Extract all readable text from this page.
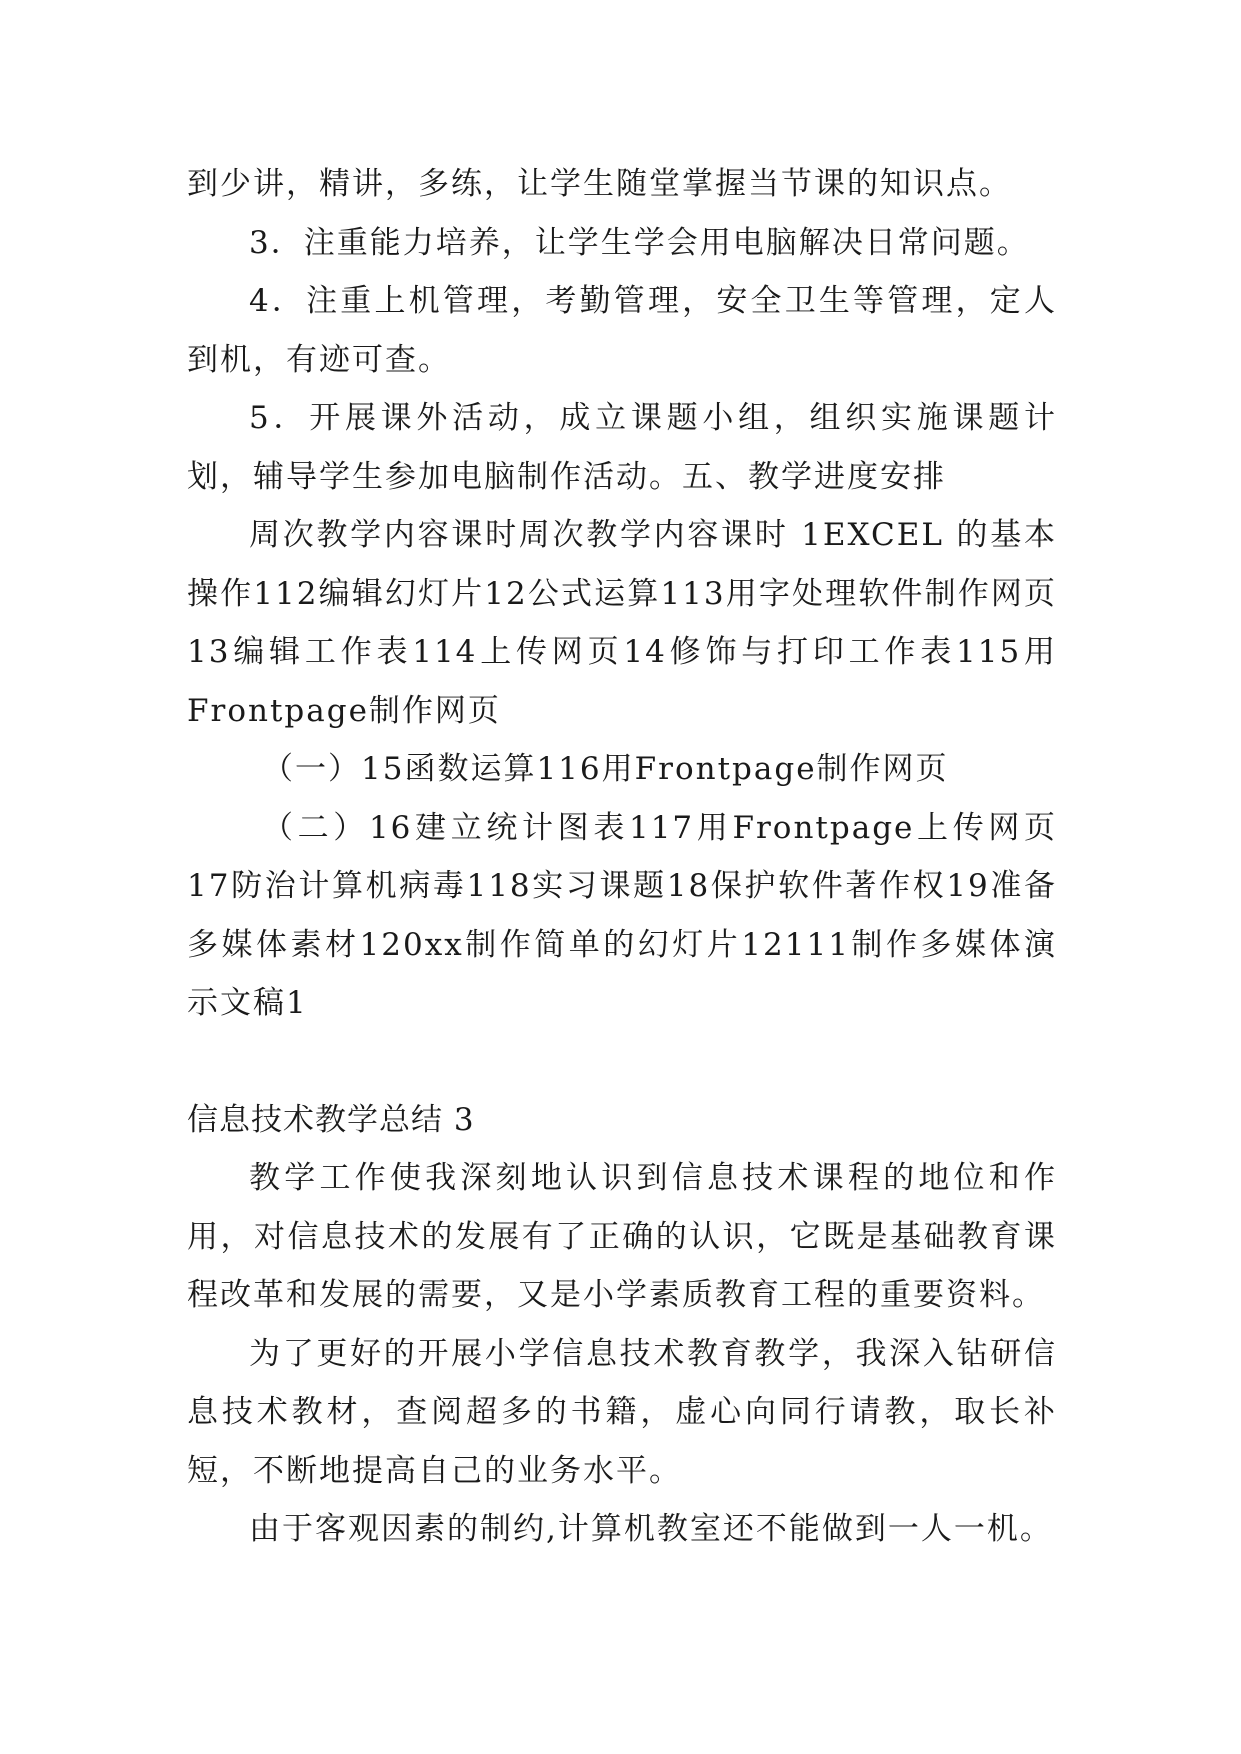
到少讲，精讲，多练，让学生随堂掌握当节课的知识点。

3．注重能力培养，让学生学会用电脑解决日常问题。

4．注重上机管理，考勤管理，安全卫生等管理，定人到机，有迹可查。

5．开展课外活动，成立课题小组，组织实施课题计划，辅导学生参加电脑制作活动。五、教学进度安排

周次教学内容课时周次教学内容课时 1EXCEL 的基本操作112编辑幻灯片12公式运算113用字处理软件制作网页13编辑工作表114上传网页14修饰与打印工作表115用Frontpage制作网页

（一）15函数运算116用Frontpage制作网页

（二）16建立统计图表117用Frontpage上传网页17防治计算机病毒118实习课题18保护软件著作权19准备多媒体素材120xx制作简单的幻灯片12111制作多媒体演示文稿1

信息技术教学总结 3

教学工作使我深刻地认识到信息技术课程的地位和作用，对信息技术的发展有了正确的认识，它既是基础教育课程改革和发展的需要，又是小学素质教育工程的重要资料。

为了更好的开展小学信息技术教育教学，我深入钻研信息技术教材，查阅超多的书籍，虚心向同行请教，取长补短，不断地提高自己的业务水平。

由于客观因素的制约,计算机教室还不能做到一人一机。
